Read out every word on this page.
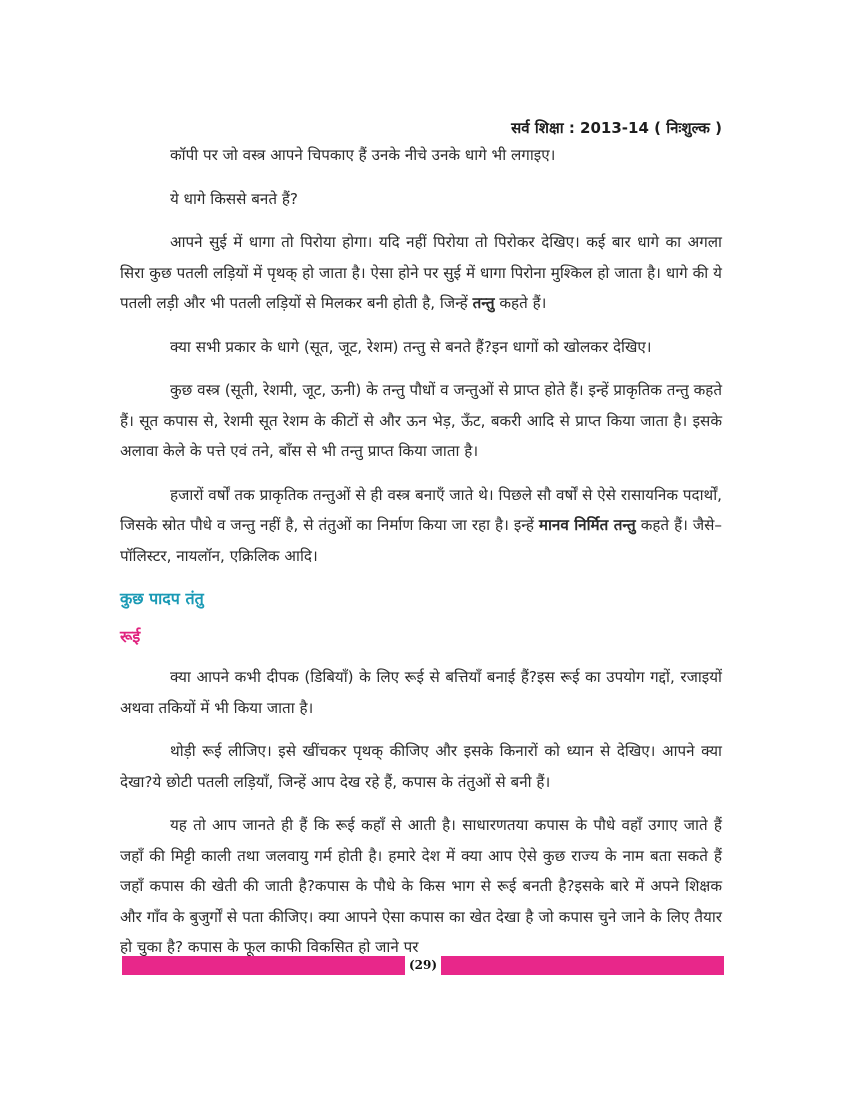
सर्व शिक्षा : 2013-14 ( निःशुल्क )

कॉपी पर जो वस्त्र आपने चिपकाए हैं उनके नीचे उनके धागे भी लगाइए।

ये धागे किससे बनते हैं?

आपने सुई में धागा तो पिरोया होगा। यदि नहीं पिरोया तो पिरोकर देखिए। कई बार धागे का अगला सिरा कुछ पतली लड़ियों में पृथक् हो जाता है। ऐसा होने पर सुई में धागा पिरोना मुश्किल हो जाता है। धागे की ये पतली लड़ी और भी पतली लड़ियों से मिलकर बनी होती है, जिन्हें तन्तु कहते हैं।

क्या सभी प्रकार के धागे (सूत, जूट, रेशम) तन्तु से बनते हैं?इन धागों को खोलकर देखिए।

कुछ वस्त्र (सूती, रेशमी, जूट, ऊनी) के तन्तु पौधों व जन्तुओं से प्राप्त होते हैं। इन्हें प्राकृतिक तन्तु कहते हैं। सूत कपास से, रेशमी सूत रेशम के कीटों से और ऊन भेड़, ऊँट, बकरी आदि से प्राप्त किया जाता है। इसके अलावा केले के पत्ते एवं तने, बाँस से भी तन्तु प्राप्त किया जाता है।

हजारों वर्षों तक प्राकृतिक तन्तुओं से ही वस्त्र बनाएँ जाते थे। पिछले सौ वर्षों से ऐसे रासायनिक पदार्थों, जिसके स्रोत पौधे व जन्तु नहीं है, से तंतुओं का निर्माण किया जा रहा है। इन्हें मानव निर्मित तन्तु कहते हैं। जैसे– पॉलिस्टर, नायलॉन, एक्रिलिक आदि।

कुछ पादप तंतु
रूई

क्या आपने कभी दीपक (डिबियाँ) के लिए रूई से बत्तियाँ बनाई हैं?इस रूई का उपयोग गद्दों, रजाइयों अथवा तकियों में भी किया जाता है।

थोड़ी रूई लीजिए। इसे खींचकर पृथक् कीजिए और इसके किनारों को ध्यान से देखिए। आपने क्या देखा?ये छोटी पतली लड़ियाँ, जिन्हें आप देख रहे हैं, कपास के तंतुओं से बनी हैं।

यह तो आप जानते ही हैं कि रूई कहाँ से आती है। साधारणतया कपास के पौधे वहाँ उगाए जाते हैं जहाँ की मिट्टी काली तथा जलवायु गर्म होती है। हमारे देश में क्या आप ऐसे कुछ राज्य के नाम बता सकते हैं जहाँ कपास की खेती की जाती है?कपास के पौधे के किस भाग से रूई बनती है?इसके बारे में अपने शिक्षक और गाँव के बुजुर्गों से पता कीजिए। क्या आपने ऐसा कपास का खेत देखा है जो कपास चुने जाने के लिए तैयार हो चुका है? कपास के फूल काफी विकसित हो जाने पर

(29)
